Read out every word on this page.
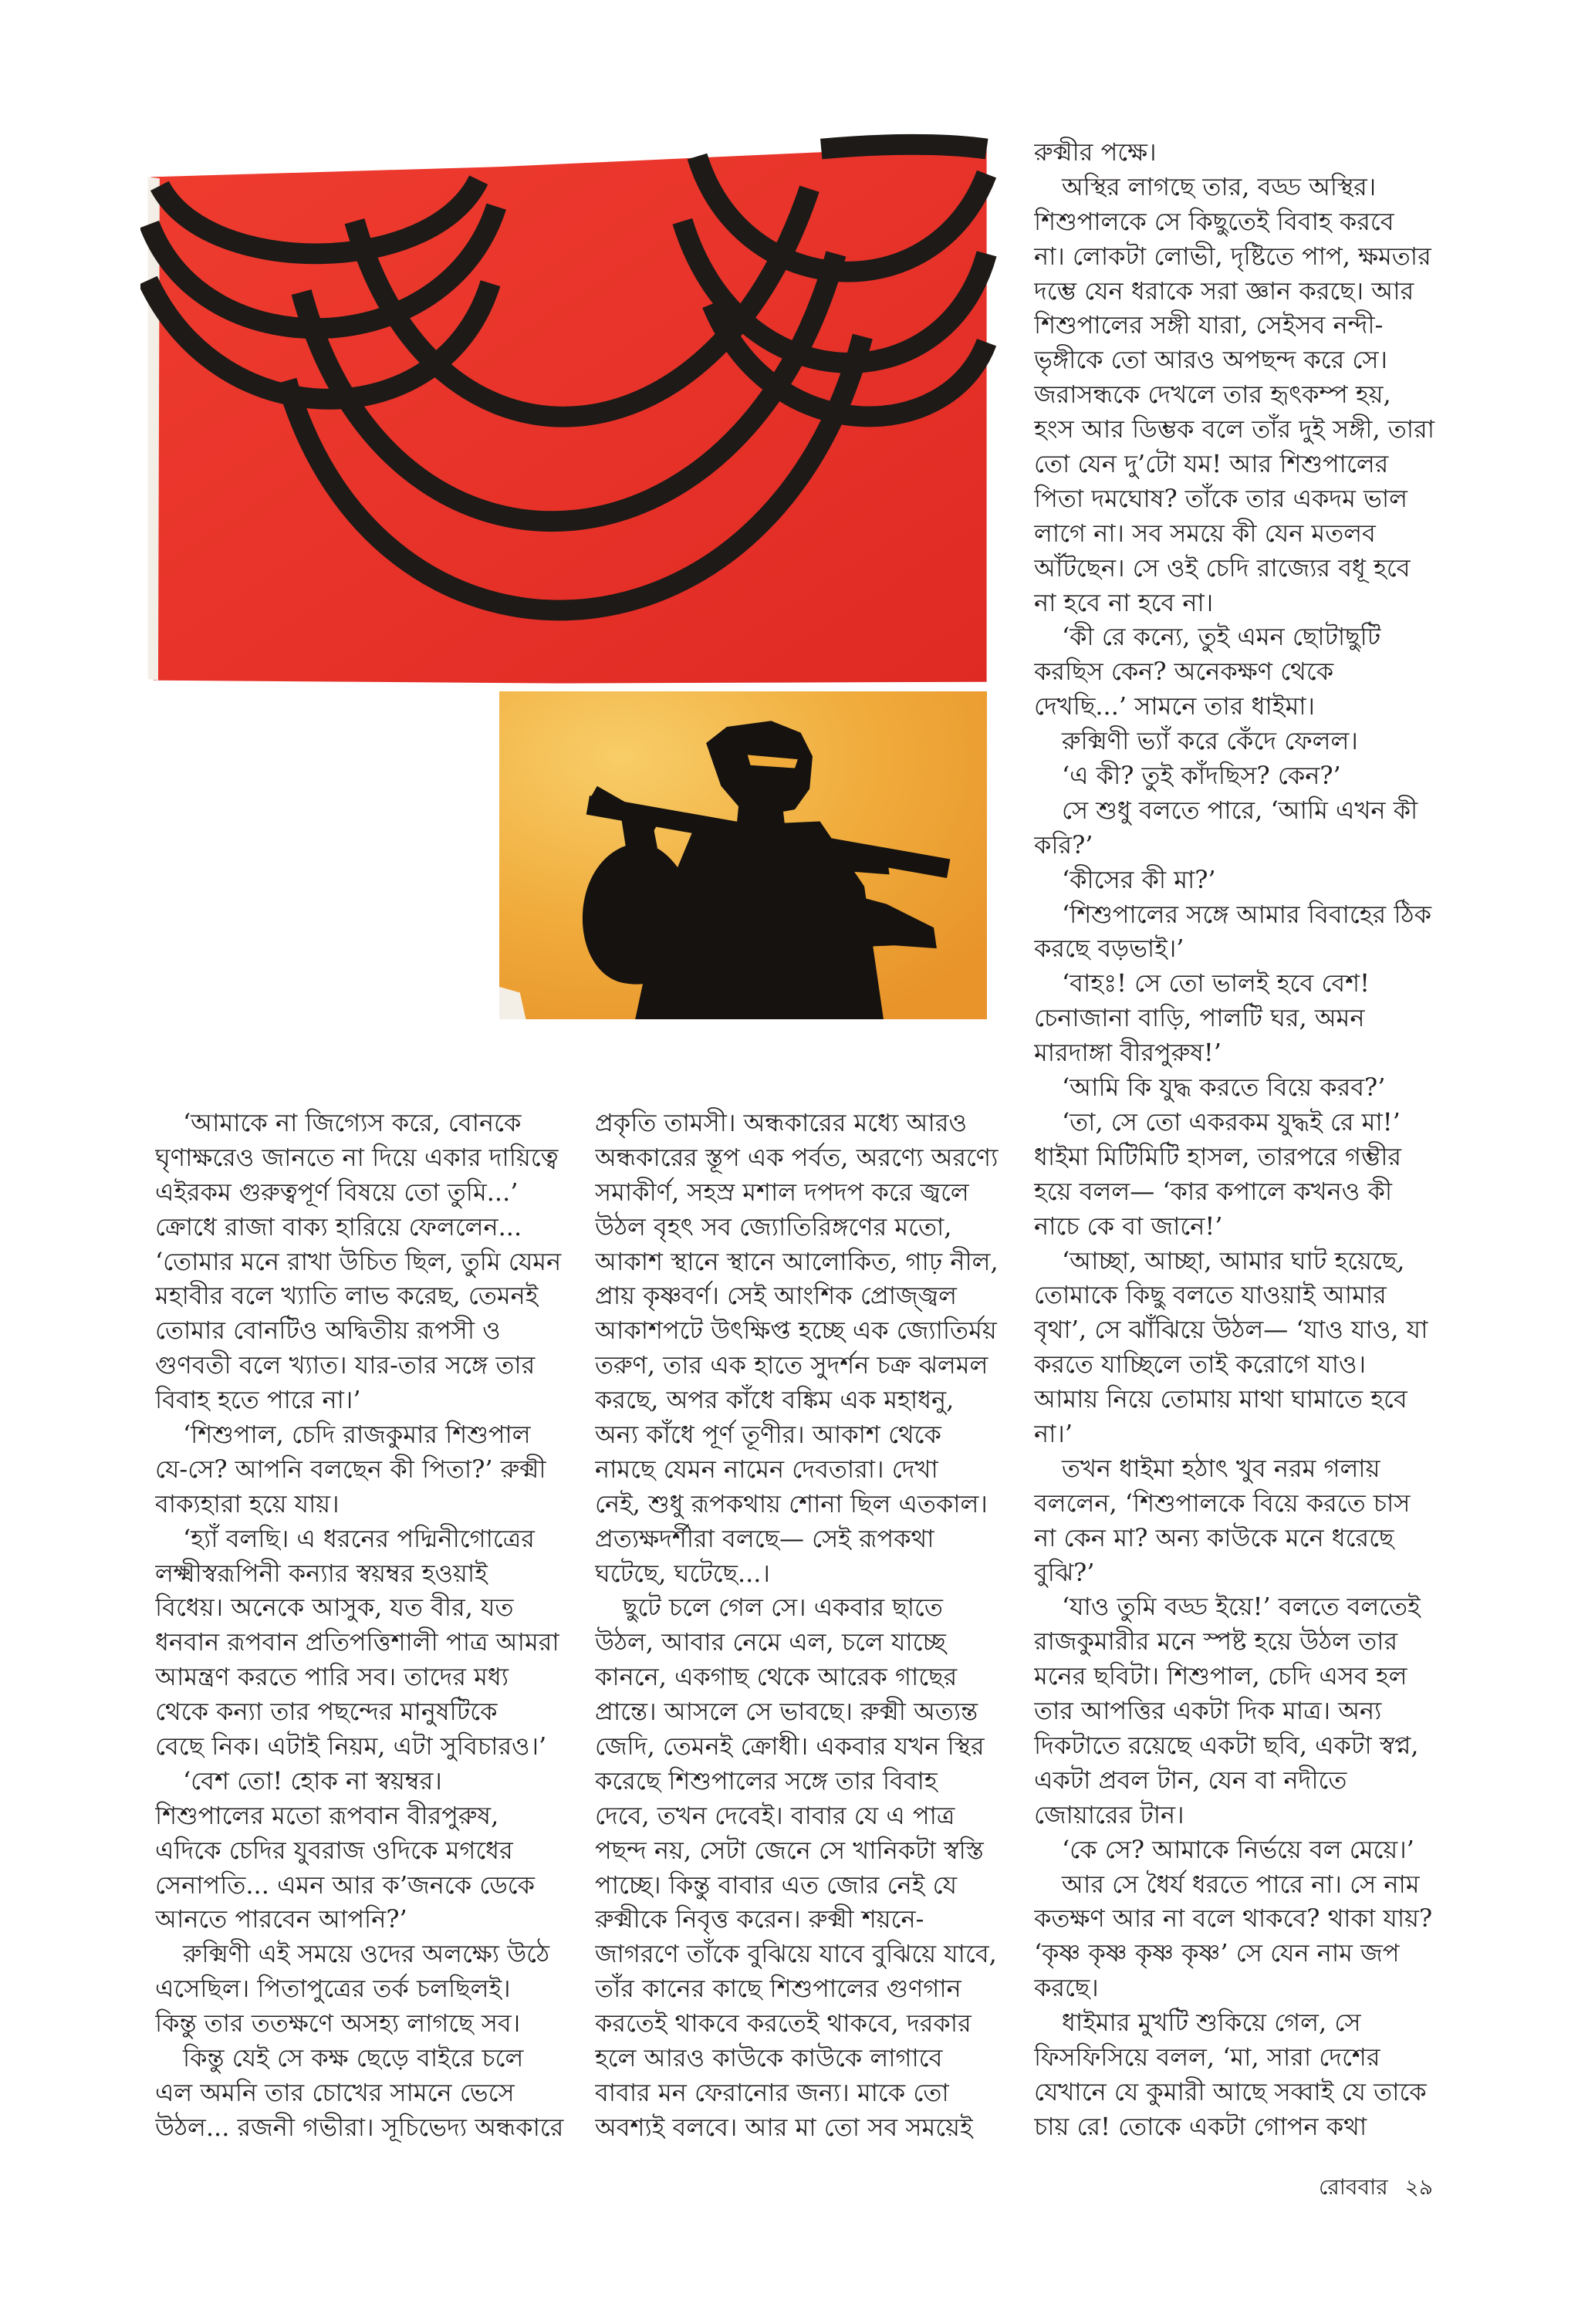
‘আমাকে না জিগ্যেস করে, বোনকে
ঘৃণাক্ষরেও জানতে না দিয়ে একার দায়িত্বে
এইরকম গুরুত্বপূর্ণ বিষয়ে তো তুমি...’
ক্রোধে রাজা বাক্য হারিয়ে ফেললেন...
‘তোমার মনে রাখা উচিত ছিল, তুমি যেমন
মহাবীর বলে খ্যাতি লাভ করেছ, তেমনই
তোমার বোনটিও অদ্বিতীয় রূপসী ও
গুণবতী বলে খ্যাত। যার-তার সঙ্গে তার
বিবাহ হতে পারে না।’
‘শিশুপাল, চেদি রাজকুমার শিশুপাল
যে-সে? আপনি বলছেন কী পিতা?’ রুক্মী
বাক্যহারা হয়ে যায়।
‘হ্যাঁ বলছি। এ ধরনের পদ্মিনীগোত্রের
লক্ষ্মীস্বরূপিনী কন্যার স্বয়ম্বর হওয়াই
বিধেয়। অনেকে আসুক, যত বীর, যত
ধনবান রূপবান প্রতিপত্তিশালী পাত্র আমরা
আমন্ত্রণ করতে পারি সব। তাদের মধ্য
থেকে কন্যা তার পছন্দের মানুষটিকে
বেছে নিক। এটাই নিয়ম, এটা সুবিচারও।’
‘বেশ তো! হোক না স্বয়ম্বর।
শিশুপালের মতো রূপবান বীরপুরুষ,
এদিকে চেদির যুবরাজ ওদিকে মগধের
সেনাপতি... এমন আর ক’জনকে ডেকে
আনতে পারবেন আপনি?’
রুক্মিণী এই সময়ে ওদের অলক্ষ্যে উঠে
এসেছিল। পিতাপুত্রের তর্ক চলছিলই।
কিন্তু তার ততক্ষণে অসহ্য লাগছে সব।
কিন্তু যেই সে কক্ষ ছেড়ে বাইরে চলে
এল অমনি তার চোখের সামনে ভেসে
উঠল... রজনী গভীরা। সূচিভেদ্য অন্ধকারে
প্রকৃতি তামসী। অন্ধকারের মধ্যে আরও
অন্ধকারের স্তূপ এক পর্বত, অরণ্যে অরণ্যে
সমাকীর্ণ, সহস্র মশাল দপদপ করে জ্বলে
উঠল বৃহৎ সব জ্যোতিরিঙ্গণের মতো,
আকাশ স্থানে স্থানে আলোকিত, গাঢ় নীল,
প্রায় কৃষ্ণবর্ণ। সেই আংশিক প্রোজ্জ্বল
আকাশপটে উৎক্ষিপ্ত হচ্ছে এক জ্যোতির্ময়
তরুণ, তার এক হাতে সুদর্শন চক্র ঝলমল
করছে, অপর কাঁধে বঙ্কিম এক মহাধনু,
অন্য কাঁধে পূর্ণ তূণীর। আকাশ থেকে
নামছে যেমন নামেন দেবতারা। দেখা
নেই, শুধু রূপকথায় শোনা ছিল এতকাল।
প্রত্যক্ষদর্শীরা বলছে— সেই রূপকথা
ঘটেছে, ঘটেছে...।
ছুটে চলে গেল সে। একবার ছাতে
উঠল, আবার নেমে এল, চলে যাচ্ছে
কাননে, একগাছ থেকে আরেক গাছের
প্রান্তে। আসলে সে ভাবছে। রুক্মী অত্যন্ত
জেদি, তেমনই ক্রোধী। একবার যখন স্থির
করেছে শিশুপালের সঙ্গে তার বিবাহ
দেবে, তখন দেবেই। বাবার যে এ পাত্র
পছন্দ নয়, সেটা জেনে সে খানিকটা স্বস্তি
পাচ্ছে। কিন্তু বাবার এত জোর নেই যে
রুক্মীকে নিবৃত্ত করেন। রুক্মী শয়নে-
জাগরণে তাঁকে বুঝিয়ে যাবে বুঝিয়ে যাবে,
তাঁর কানের কাছে শিশুপালের গুণগান
করতেই থাকবে করতেই থাকবে, দরকার
হলে আরও কাউকে কাউকে লাগাবে
বাবার মন ফেরানোর জন্য। মাকে তো
অবশ্যই বলবে। আর মা তো সব সময়েই
রুক্মীর পক্ষে।
অস্থির লাগছে তার, বড্ড অস্থির।
শিশুপালকে সে কিছুতেই বিবাহ করবে
না। লোকটা লোভী, দৃষ্টিতে পাপ, ক্ষমতার
দম্ভে যেন ধরাকে সরা জ্ঞান করছে। আর
শিশুপালের সঙ্গী যারা, সেইসব নন্দী-
ভৃঙ্গীকে তো আরও অপছন্দ করে সে।
জরাসন্ধকে দেখলে তার হৃৎকম্প হয়,
হংস আর ডিম্ভক বলে তাঁর দুই সঙ্গী, তারা
তো যেন দু’টো যম! আর শিশুপালের
পিতা দমঘোষ? তাঁকে তার একদম ভাল
লাগে না। সব সময়ে কী যেন মতলব
আঁটছেন। সে ওই চেদি রাজ্যের বধূ হবে
না হবে না হবে না।
‘কী রে কন্যে, তুই এমন ছোটাছুটি
করছিস কেন? অনেকক্ষণ থেকে
দেখছি...’ সামনে তার ধাইমা।
রুক্মিণী ভ্যাঁ করে কেঁদে ফেলল।
‘এ কী? তুই কাঁদছিস? কেন?’
সে শুধু বলতে পারে, ‘আমি এখন কী
করি?’
‘কীসের কী মা?’
‘শিশুপালের সঙ্গে আমার বিবাহের ঠিক
করছে বড়ভাই।’
‘বাহঃ! সে তো ভালই হবে বেশ!
চেনাজানা বাড়ি, পালটি ঘর, অমন
মারদাঙ্গা বীরপুরুষ!’
‘আমি কি যুদ্ধ করতে বিয়ে করব?’
‘তা, সে তো একরকম যুদ্ধই রে মা!’
ধাইমা মিটিমিটি হাসল, তারপরে গম্ভীর
হয়ে বলল— ‘কার কপালে কখনও কী
নাচে কে বা জানে!’
‘আচ্ছা, আচ্ছা, আমার ঘাট হয়েছে,
তোমাকে কিছু বলতে যাওয়াই আমার
বৃথা’, সে ঝাঁঝিয়ে উঠল— ‘যাও যাও, যা
করতে যাচ্ছিলে তাই করোগে যাও।
আমায় নিয়ে তোমায় মাথা ঘামাতে হবে
না।’
তখন ধাইমা হঠাৎ খুব নরম গলায়
বললেন, ‘শিশুপালকে বিয়ে করতে চাস
না কেন মা? অন্য কাউকে মনে ধরেছে
বুঝি?’
‘যাও তুমি বড্ড ইয়ে!’ বলতে বলতেই
রাজকুমারীর মনে স্পষ্ট হয়ে উঠল তার
মনের ছবিটা। শিশুপাল, চেদি এসব হল
তার আপত্তির একটা দিক মাত্র। অন্য
দিকটাতে রয়েছে একটা ছবি, একটা স্বপ্ন,
একটা প্রবল টান, যেন বা নদীতে
জোয়ারের টান।
‘কে সে? আমাকে নির্ভয়ে বল মেয়ে।’
আর সে ধৈর্য ধরতে পারে না। সে নাম
কতক্ষণ আর না বলে থাকবে? থাকা যায়?
‘কৃষ্ণ কৃষ্ণ কৃষ্ণ কৃষ্ণ’ সে যেন নাম জপ
করছে।
ধাইমার মুখটি শুকিয়ে গেল, সে
ফিসফিসিয়ে বলল, ‘মা, সারা দেশের
যেখানে যে কুমারী আছে সব্বাই যে তাকে
চায় রে! তোকে একটা গোপন কথা
রোববার ২৯
